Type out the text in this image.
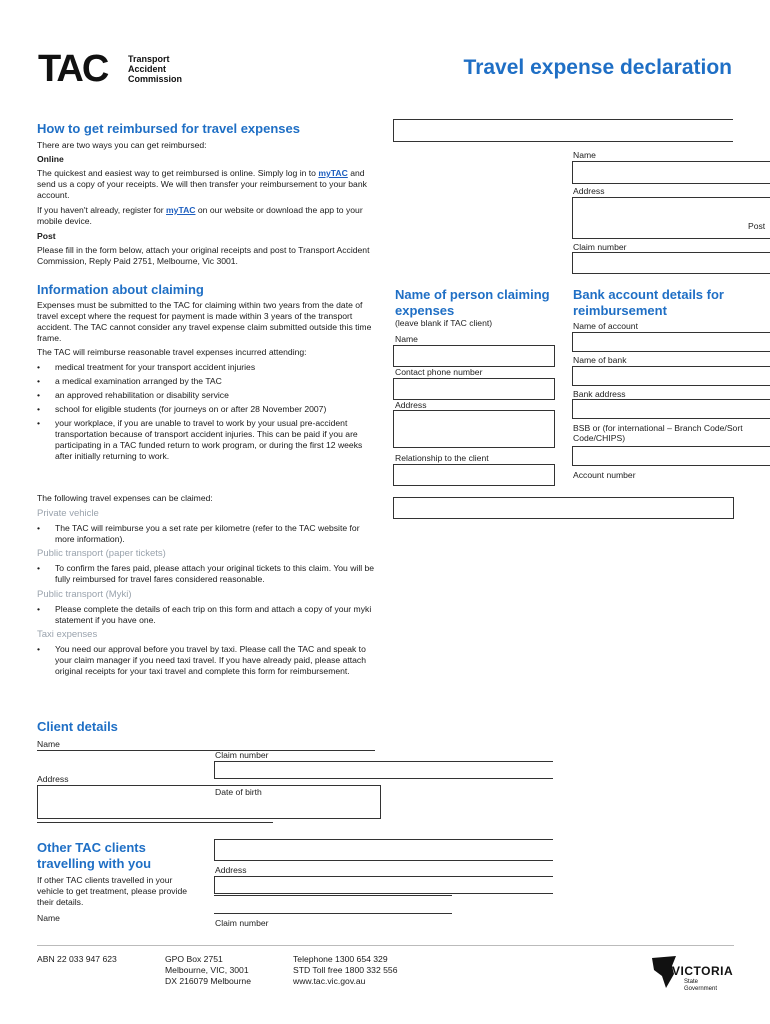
TAC Transport
Accident
Commission	Travel expense declaration
How to get reimbursed for travel expenses

There are two ways you can get reimbursed:

Online

The quickest and easiest way to get reimbursed is online. Simply log in to myTAC and send us a copy of your receipts. We will then transfer your reimbursement to your bank account.

If you haven't already, register for myTAC on our website or download the app to your mobile device.

Post

Please fill in the form below, attach your original receipts and post to Transport Accident Commission, Reply Paid 2751, Melbourne, Vic 3001.

Information about claiming

Expenses must be submitted to the TAC for claiming within two years from the date of travel except where the request for payment is made within 3 years of the transport accident. The TAC cannot consider any travel expense claim submitted outside this time frame.

The TAC will reimburse reasonable travel expenses incurred attending:

• medical treatment for your transport accident injuries
• a medical examination arranged by the TAC
• an approved rehabilitation or disability service
• school for eligible students (for journeys on or after 28 November 2007)
• your workplace, if you are unable to travel to work by your usual pre-accident transportation because of transport accident injuries. This can be paid if you are participating in a TAC funded return to work program, or during the first 12 weeks after initially returning to work.

The following travel expenses can be claimed:

Private vehicle

• The TAC will reimburse you a set rate per kilometre (refer to the TAC website for more information).

Public transport (paper tickets)

• To confirm the fares paid, please attach your original tickets to this claim. You will be fully reimbursed for travel fares considered reasonable.

Public transport (Myki)

• Please complete the details of each trip on this form and attach a copy of your myki statement if you have one.

Taxi expenses

• You need our approval before you travel by taxi. Please call the TAC and speak to your claim manager if you need taxi travel. If you have already paid, please attach original receipts for your taxi travel and complete this form for reimbursement.
Name
Address
Post
Claim number
Name of person claiming expenses
(leave blank if TAC client)
Name
Contact phone number
Address
Relationship to the client
Bank account details for reimbursement
Name of account
Name of bank
Bank address
BSB or (for international – Branch Code/Sort Code/CHIPS)
Account number
Client details
Name
Claim number
Address
Date of birth
Other TAC clients travelling with you
If other TAC clients travelled in your vehicle to get treatment, please provide their details.
Name
Address
Claim number
ABN 22 033 947 623	GPO Box 2751
Melbourne, VIC, 3001
DX 216079 Melbourne
Telephone 1300 654 329
STD Toll free 1800 332 556
www.tac.vic.gov.au
VICTORIA
State
Government
